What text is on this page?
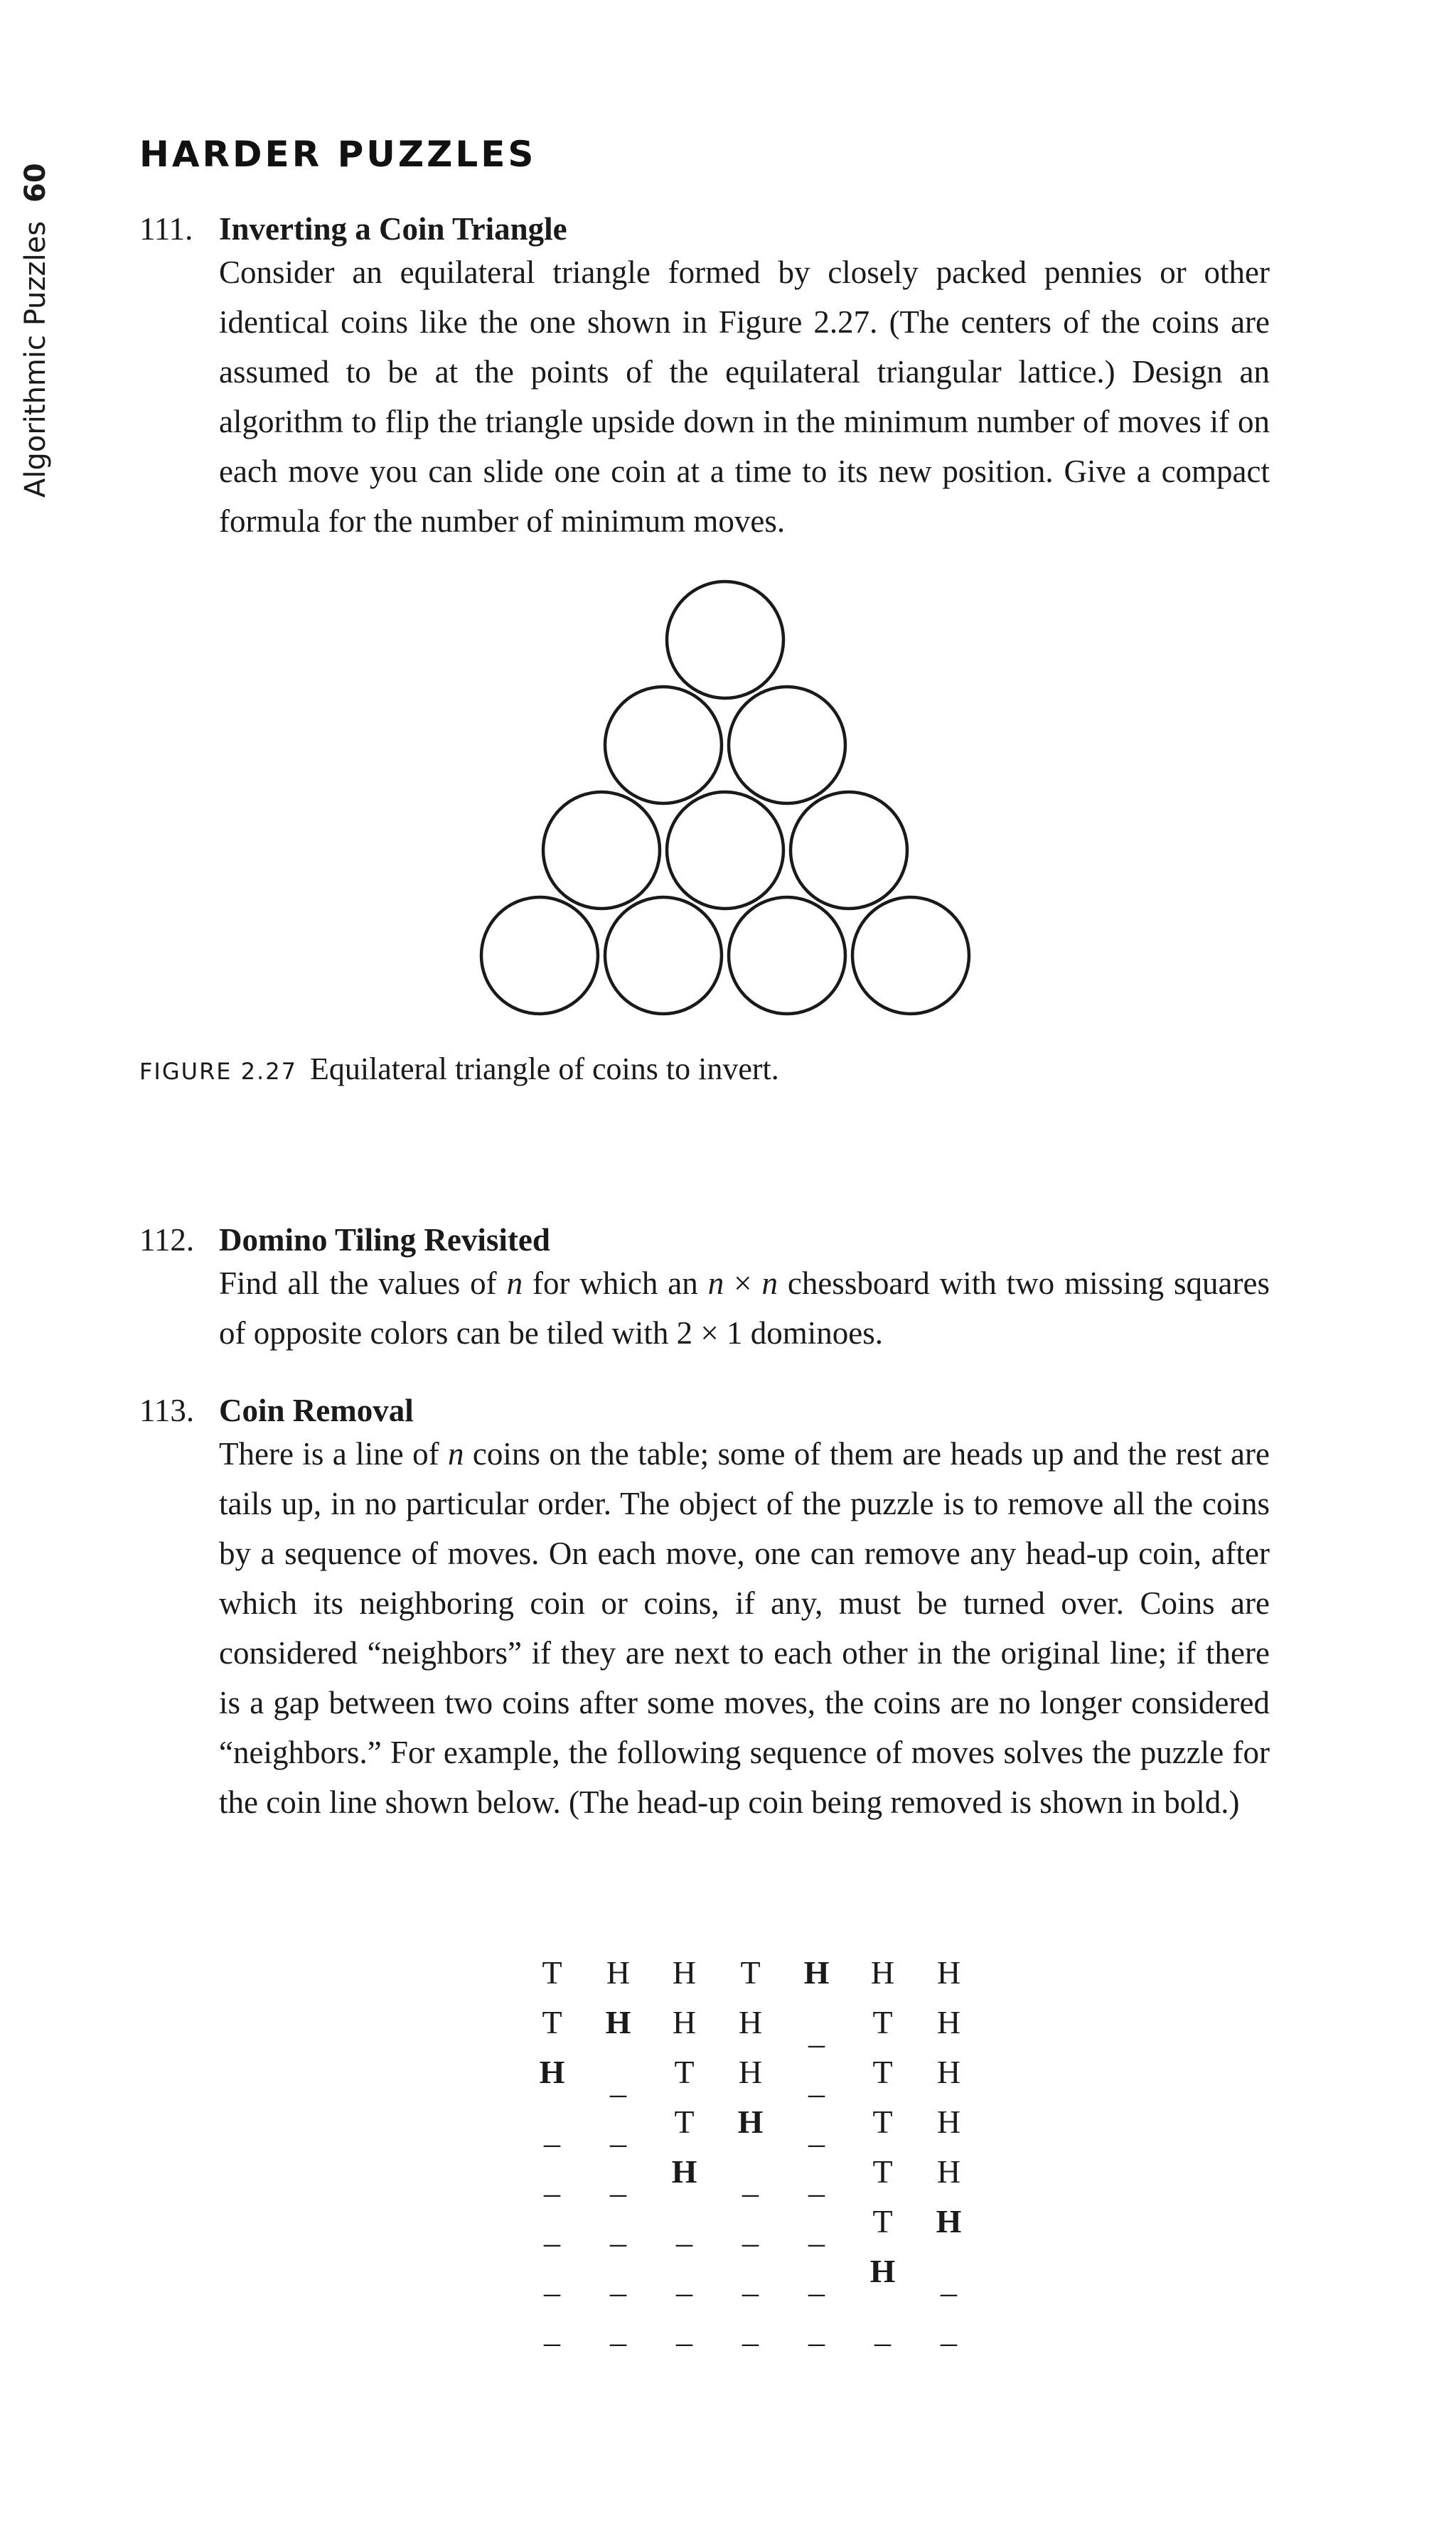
Algorithmic Puzzles60
HARDER PUZZLES
111. Inverting a Coin Triangle
Consider an equilateral triangle formed by closely packed pennies or other identical coins like the one shown in Figure 2.27. (The centers of the coins are assumed to be at the points of the equilateral triangular lattice.) Design an algorithm to flip the triangle upside down in the minimum number of moves if on each move you can slide one coin at a time to its new position. Give a compact formula for the number of minimum moves.
FIGURE 2.27 Equilateral triangle of coins to invert.
112. Domino Tiling Revisited
Find all the values of n for which an n × n chessboard with two missing squares of opposite colors can be tiled with 2 × 1 dominoes.
113. Coin Removal
There is a line of n coins on the table; some of them are heads up and the rest are tails up, in no particular order. The object of the puzzle is to remove all the coins by a sequence of moves. On each move, one can remove any head-up coin, after which its neighboring coin or coins, if any, must be turned over. Coins are considered “neighbors” if they are next to each other in the original line; if there is a gap between two coins after some moves, the coins are no longer considered “neighbors.” For example, the following sequence of moves solves the puzzle for the coin line shown below. (The head-up coin being removed is shown in bold.)
T H H T H H H
T H H H _ T H
H _ T H _ T H
_ _ T H _ T H
_ _ H _ _ T H
_ _ _ _ _ T H
_ _ _ _ _ H _
_ _ _ _ _ _ _
